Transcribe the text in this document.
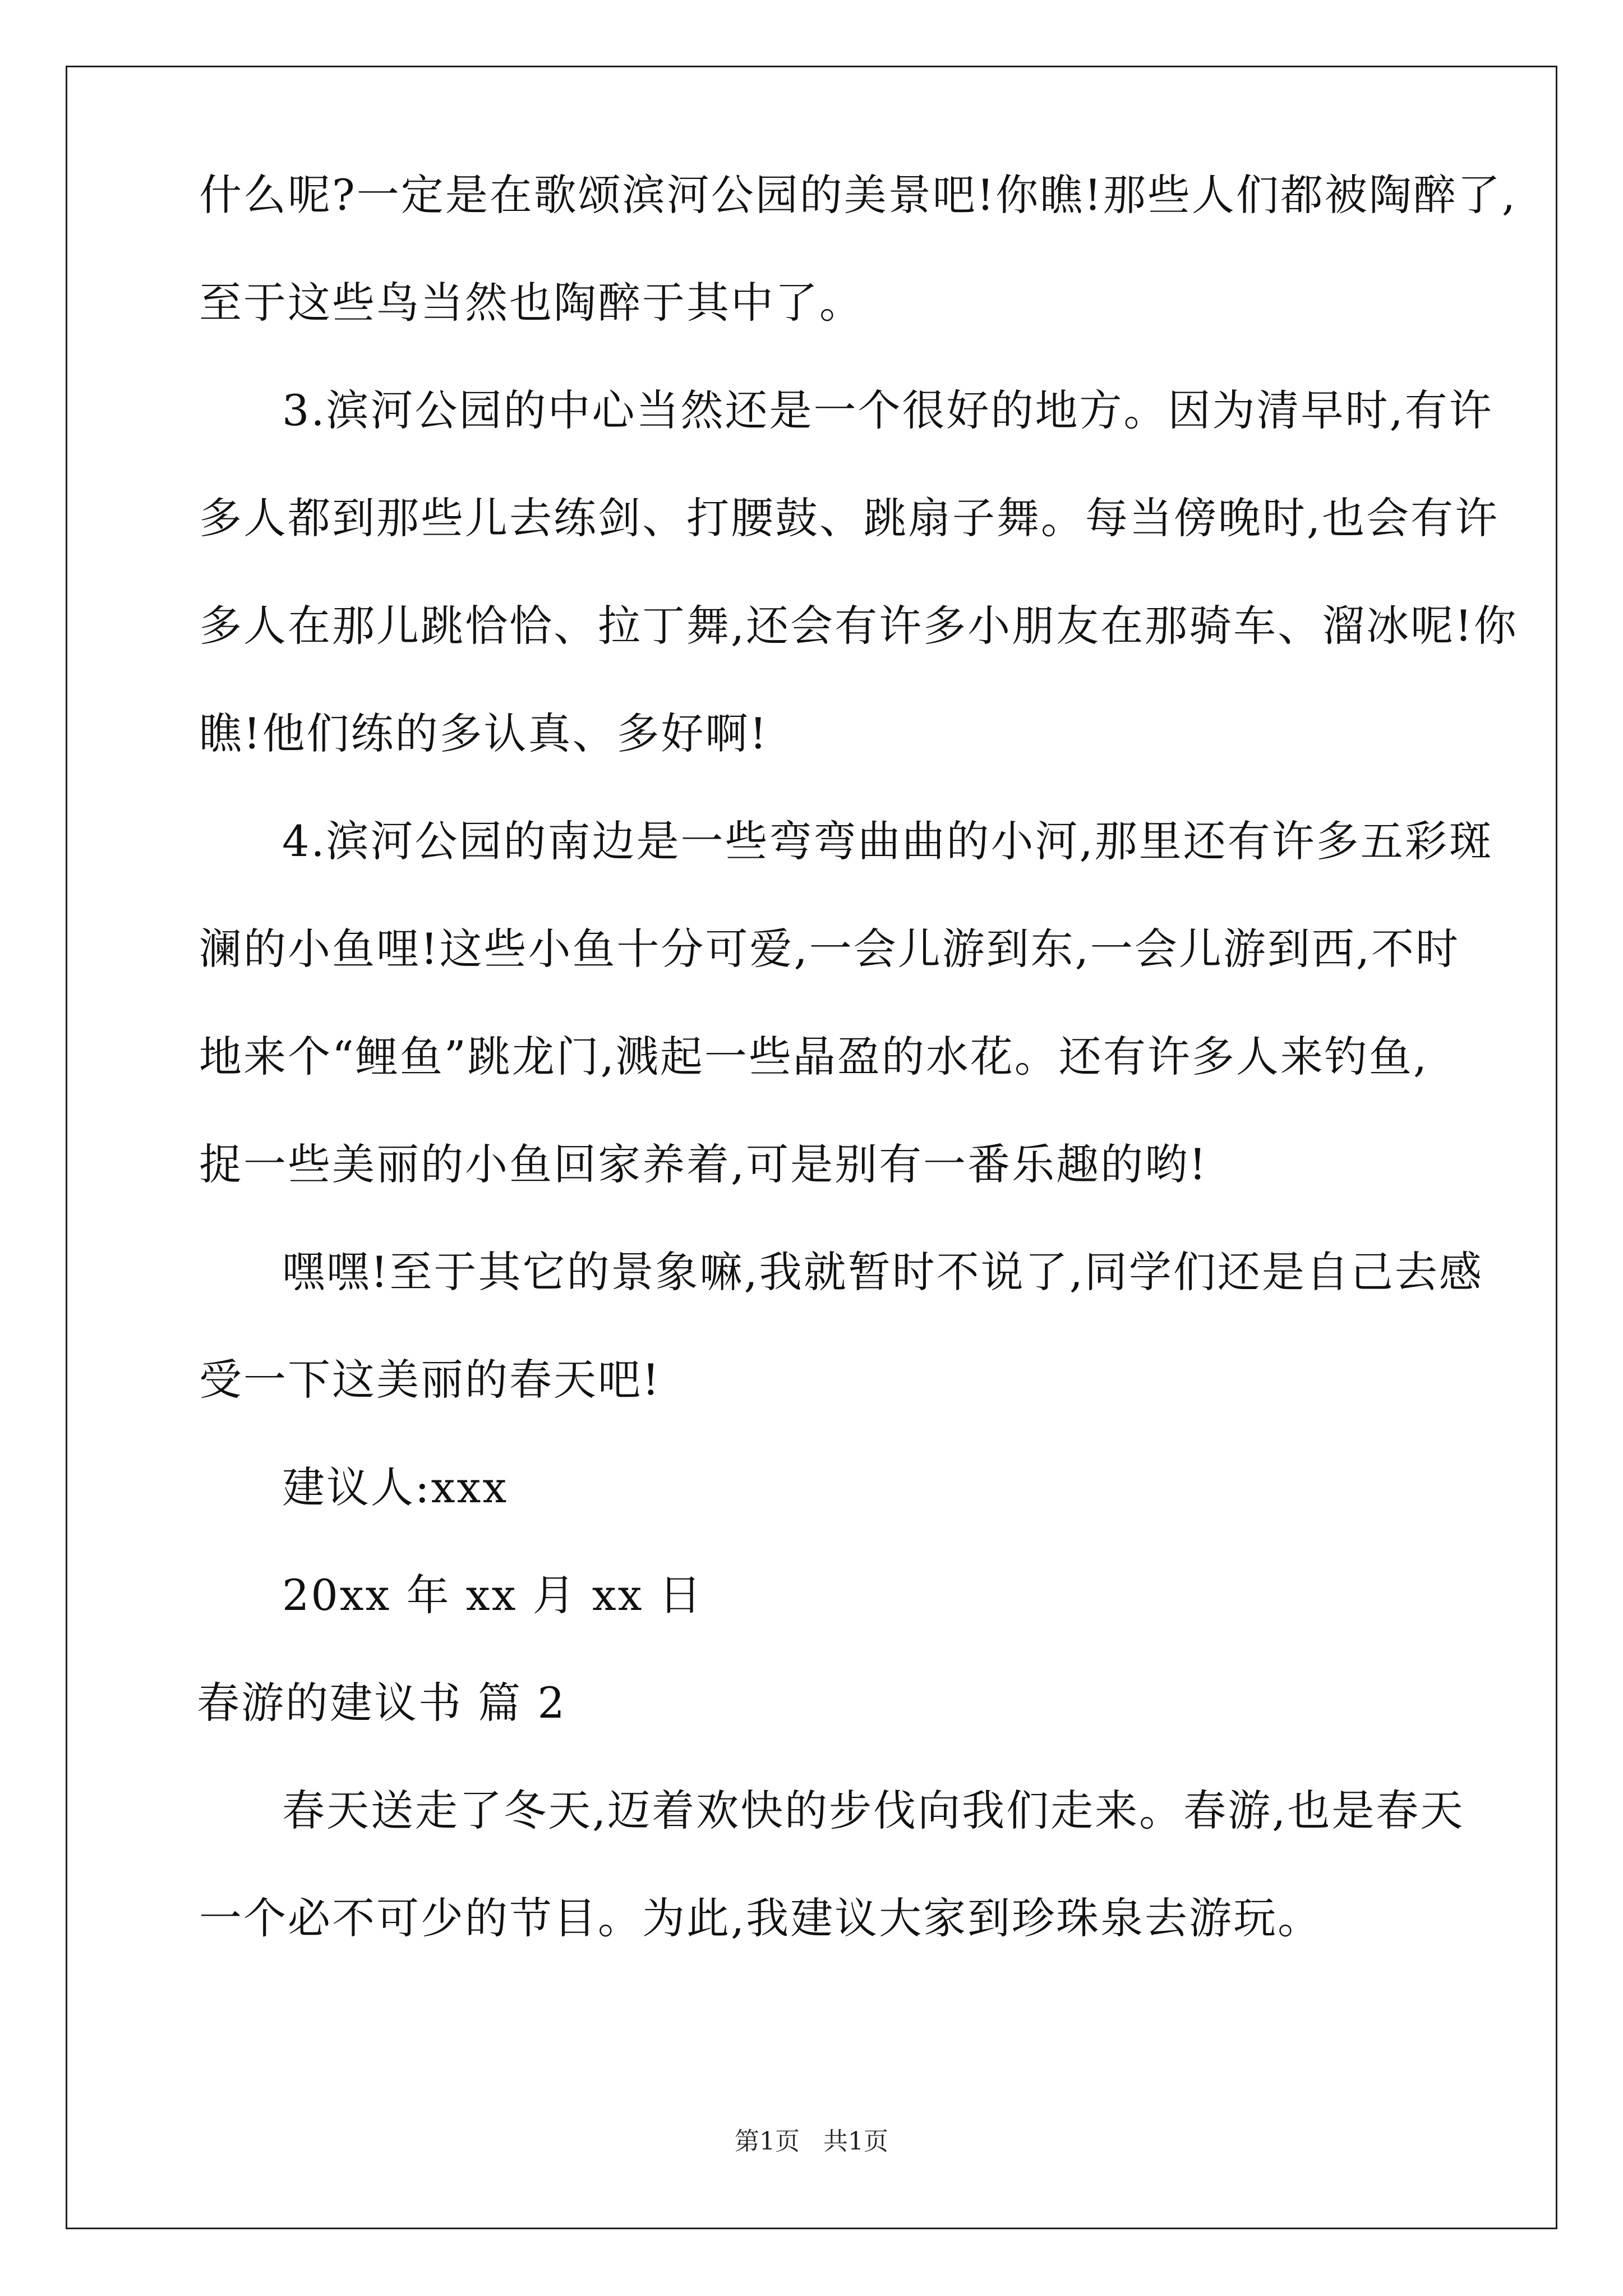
什么呢?一定是在歌颂滨河公园的美景吧!你瞧!那些人们都被陶醉了,
至于这些鸟当然也陶醉于其中了。
3.滨河公园的中心当然还是一个很好的地方。因为清早时,有许
多人都到那些儿去练剑、打腰鼓、跳扇子舞。每当傍晚时,也会有许
多人在那儿跳恰恰、拉丁舞,还会有许多小朋友在那骑车、溜冰呢!你
瞧!他们练的多认真、多好啊!
4.滨河公园的南边是一些弯弯曲曲的小河,那里还有许多五彩斑
澜的小鱼哩!这些小鱼十分可爱,一会儿游到东,一会儿游到西,不时
地来个“鲤鱼”跳龙门,溅起一些晶盈的水花。还有许多人来钓鱼,
捉一些美丽的小鱼回家养着,可是别有一番乐趣的哟!
嘿嘿!至于其它的景象嘛,我就暂时不说了,同学们还是自己去感
受一下这美丽的春天吧!
建议人:xxx
20xx 年 xx 月 xx 日
春游的建议书 篇 2
春天送走了冬天,迈着欢快的步伐向我们走来。春游,也是春天
一个必不可少的节目。为此,我建议大家到珍珠泉去游玩。
第1页 共1页
